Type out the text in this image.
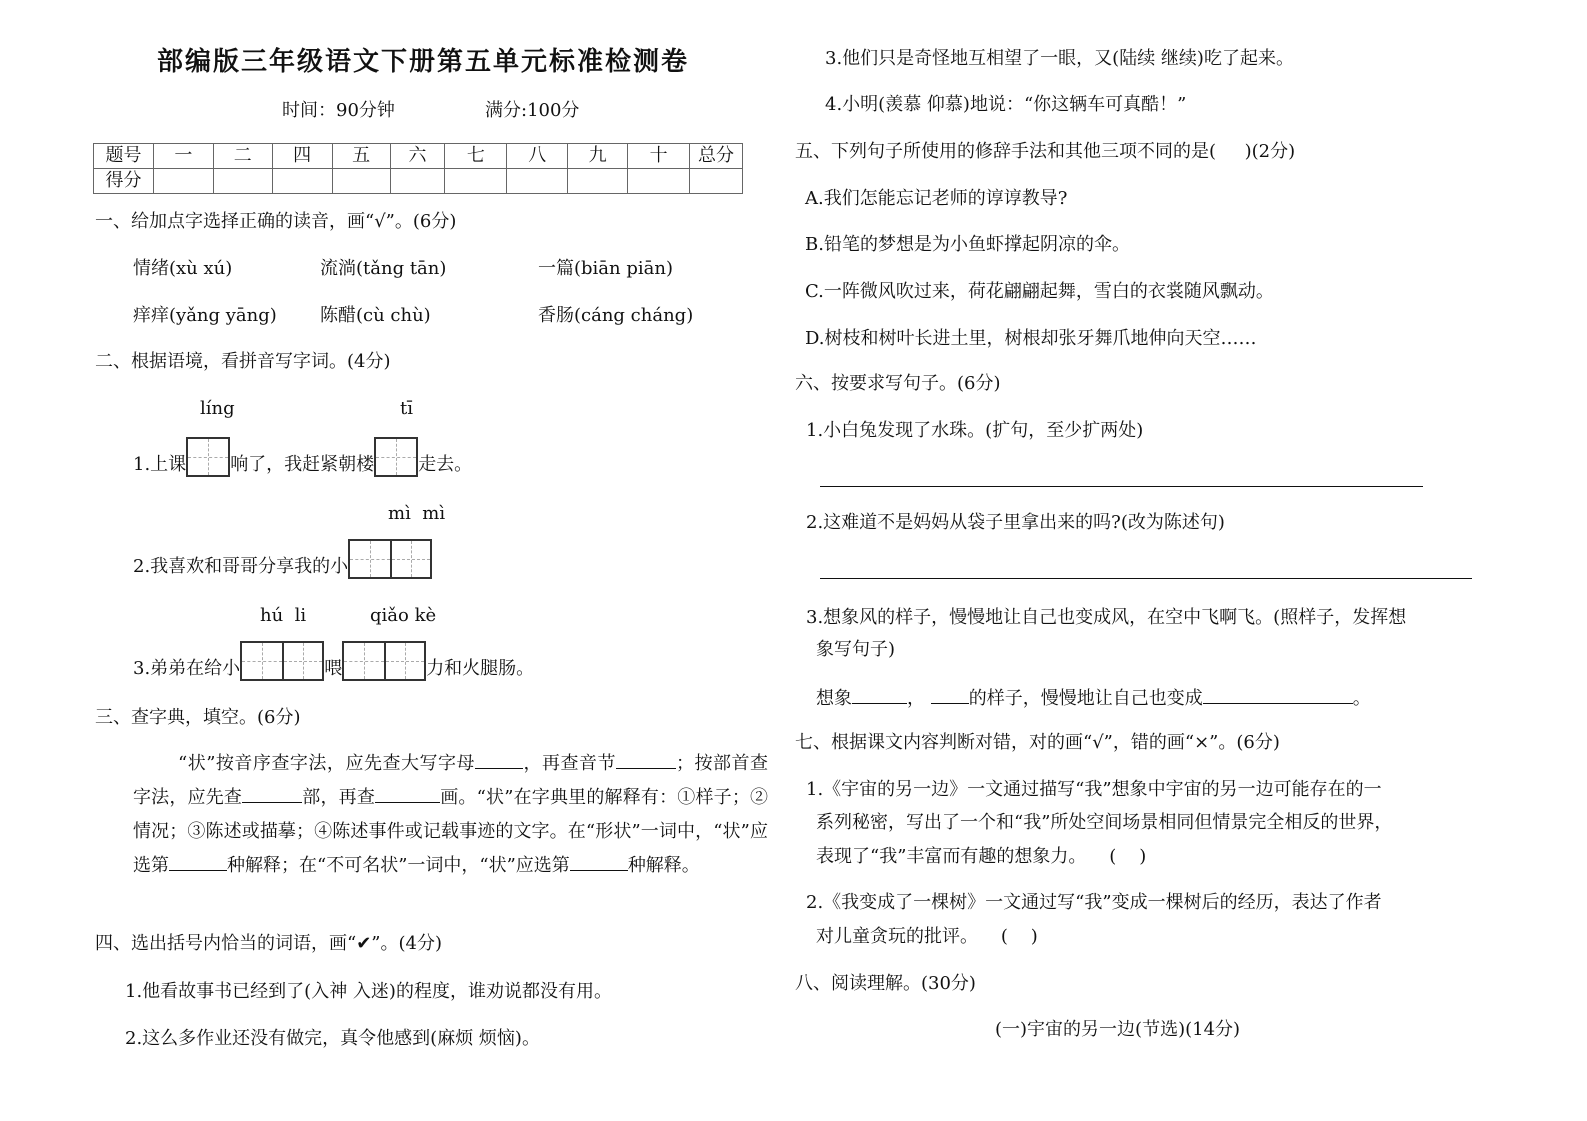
部编版三年级语文下册第五单元标准检测卷
时间：90分钟	满分:100分
题号	一	二	四	五	六	七	八	九	十	总分
得分										
一、给加点字选择正确的读音，画“√”。(6分)
情绪(xù xú)	流淌(tǎng tān)	一篇(biān piān)
痒痒(yǎng yāng) 陈醋(cù chù)	香肠(cáng cháng)
二、根据语境，看拼音写字词。(4分)
líng	tī
1.上课 响了，我赶紧朝楼 走去。
mì  mì
2.我喜欢和哥哥分享我的小
hú  li	qiǎo kè
3.弟弟在给小	喂	力和火腿肠。
三、查字典，填空。(6分)
“状”按音序查字法，应先查大写字母	，再查音节	；按部首查字法，应先查	部，再查	画。“状”在字典里的解释有：①样子；②情况；③陈述或描摹；④陈述事件或记载事迹的文字。在“形状”一词中，“状”应选第	种解释；在“不可名状”一词中，“状”应选第	种解释。
四、选出括号内恰当的词语，画“✔”。(4分)
1.他看故事书已经到了(入神 入迷)的程度，谁劝说都没有用。
2.这么多作业还没有做完，真令他感到(麻烦 烦恼)。
3.他们只是奇怪地互相望了一眼，又(陆续 继续)吃了起来。
4.小明(羡慕 仰慕)地说：“你这辆车可真酷！”
五、下列句子所使用的修辞手法和其他三项不同的是(     )(2分)
A.我们怎能忘记老师的谆谆教导?
B.铅笔的梦想是为小鱼虾撑起阴凉的伞。
C.一阵微风吹过来，荷花翩翩起舞，雪白的衣裳随风飘动。
D.树枝和树叶长进土里，树根却张牙舞爪地伸向天空……
六、按要求写句子。(6分)
1.小白兔发现了水珠。(扩句，至少扩两处)
2.这难道不是妈妈从袋子里拿出来的吗?(改为陈述句)
3.想象风的样子，慢慢地让自己也变成风，在空中飞啊飞。(照样子，发挥想
象写句子)
想象	， 的样子，慢慢地让自己也变成	。
七、根据课文内容判断对错，对的画“√”，错的画“×”。(6分)
1.《宇宙的另一边》一文通过描写“我”想象中宇宙的另一边可能存在的一
系列秘密，写出了一个和“我”所处空间场景相同但情景完全相反的世界，
表现了“我”丰富而有趣的想象力。    (    )
2.《我变成了一棵树》一文通过写“我”变成一棵树后的经历，表达了作者
对儿童贪玩的批评。    (    )
八、阅读理解。(30分)
(一)宇宙的另一边(节选)(14分)
